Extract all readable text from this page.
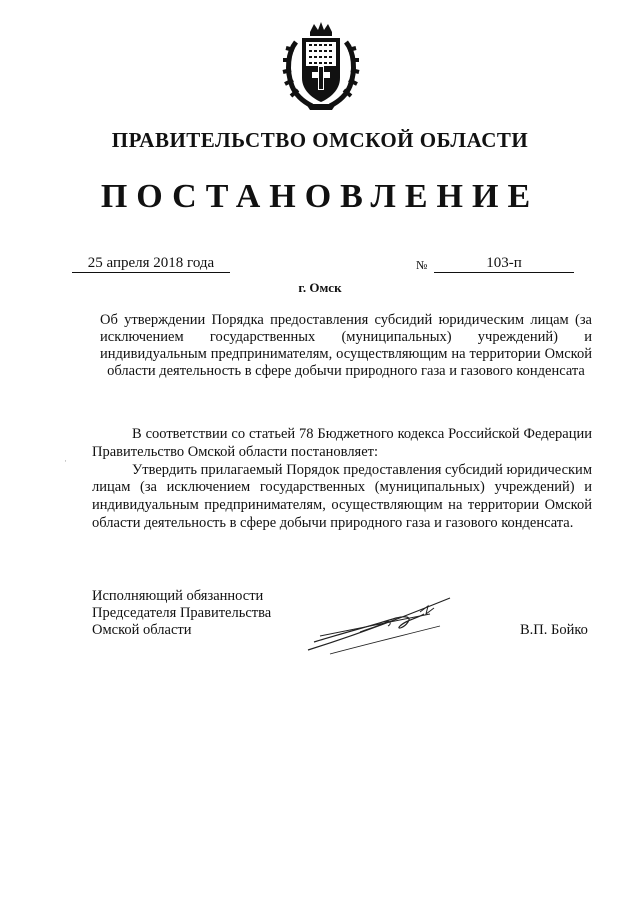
ПРАВИТЕЛЬСТВО ОМСКОЙ ОБЛАСТИ
ПОСТАНОВЛЕНИЕ
25 апреля 2018 года	№	103-п
г. Омск
Об утверждении Порядка предоставления субсидий юридическим лицам (за исключением государственных (муниципальных) учреждений) и индивидуальным предпринимателям, осуществляющим на территории Омской области деятельность в сфере добычи природного газа и газового конденсата
·

В соответствии со статьей 78 Бюджетного кодекса Российской Федерации Правительство Омской области постановляет:

Утвердить прилагаемый Порядок предоставления субсидий юридическим лицам (за исключением государственных (муниципальных) учреждений) и индивидуальным предпринимателям, осуществляющим на территории Омской области деятельность в сфере добычи природного газа и газового конденсата.

Исполняющий обязанности
Председателя Правительства
Омской области	В.П. Бойко
